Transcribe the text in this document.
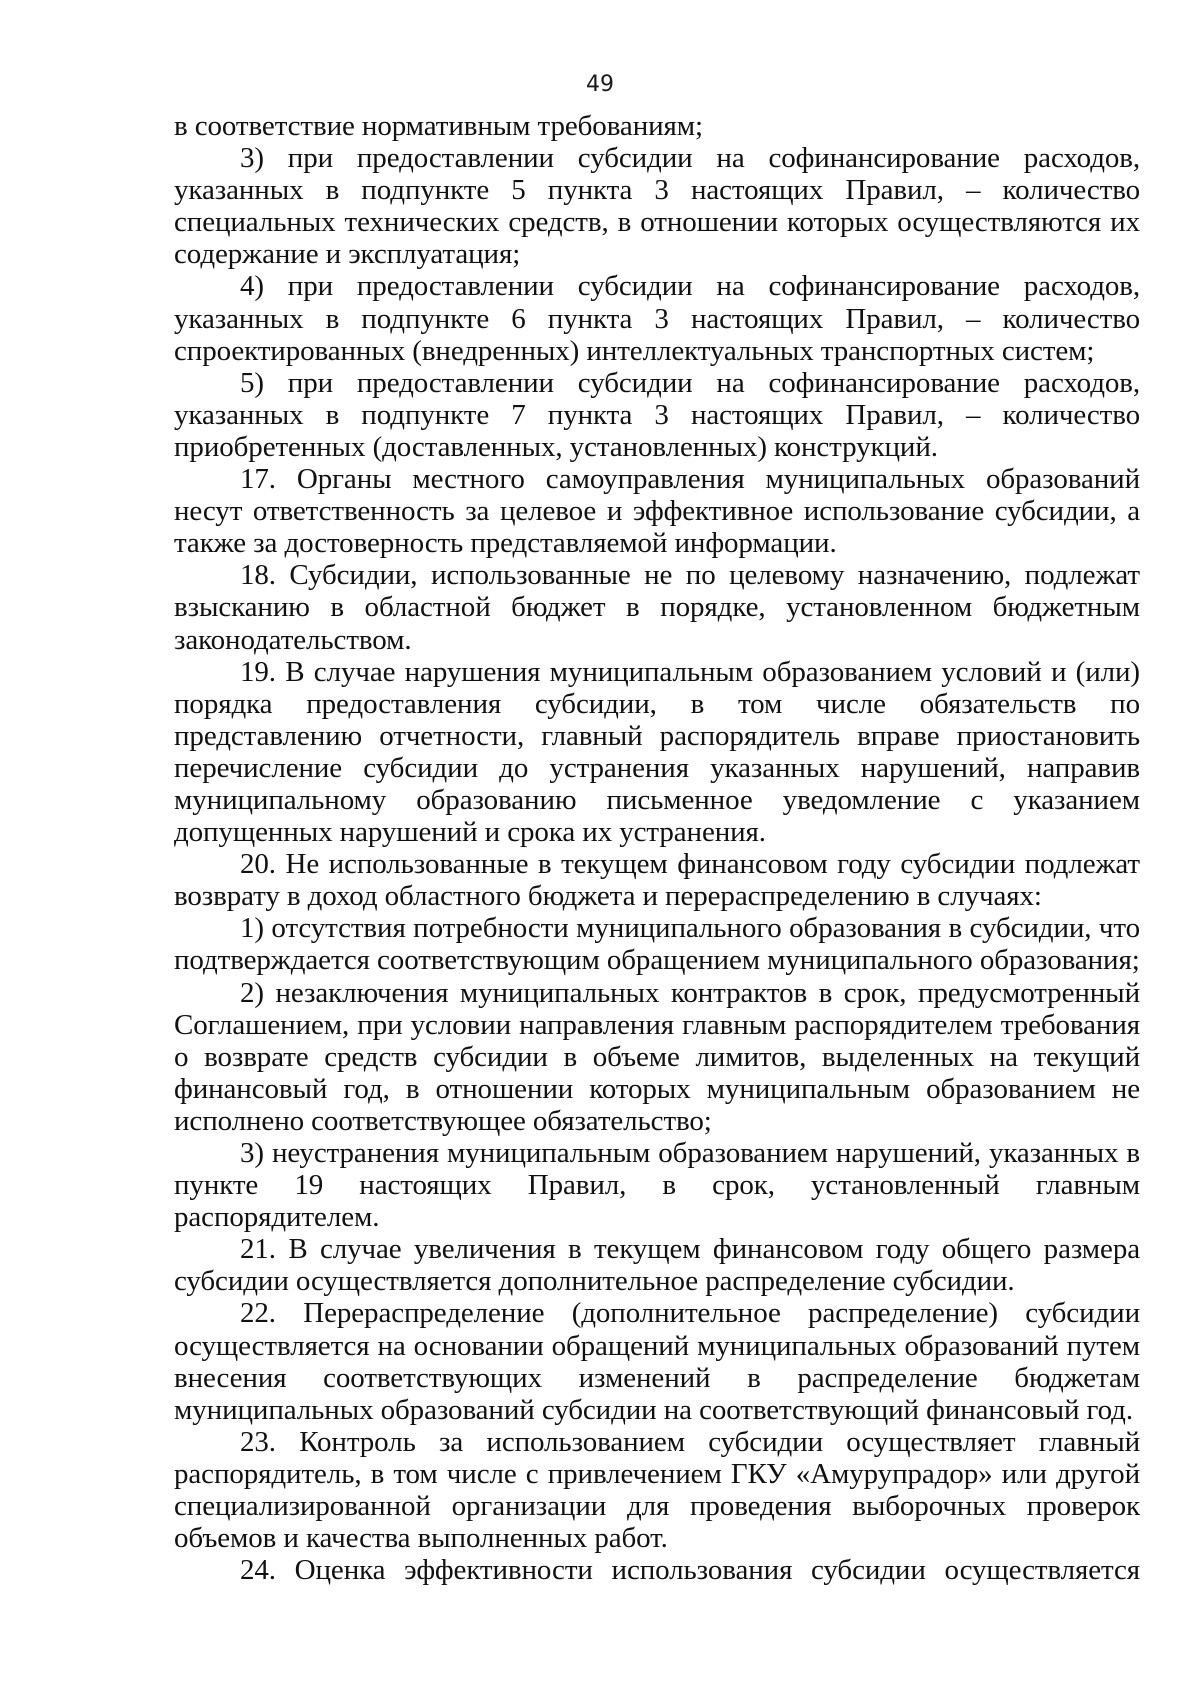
49

в соответствие нормативным требованиям;

3) при предоставлении субсидии на софинансирование расходов, указанных в подпункте 5 пункта 3 настоящих Правил, – количество специальных технических средств, в отношении которых осуществляются их содержание и эксплуатация;

4) при предоставлении субсидии на софинансирование расходов, указанных в подпункте 6 пункта 3 настоящих Правил, – количество спроектированных (внедренных) интеллектуальных транспортных систем;

5) при предоставлении субсидии на софинансирование расходов, указанных в подпункте 7 пункта 3 настоящих Правил, – количество приобретенных (доставленных, установленных) конструкций.

17. Органы местного самоуправления муниципальных образований несут ответственность за целевое и эффективное использование субсидии, а также за достоверность представляемой информации.

18. Субсидии, использованные не по целевому назначению, подлежат взысканию в областной бюджет в порядке, установленном бюджетным законодательством.

19. В случае нарушения муниципальным образованием условий и (или) порядка предоставления субсидии, в том числе обязательств по представлению отчетности, главный распорядитель вправе приостановить перечисление субсидии до устранения указанных нарушений, направив муниципальному образованию письменное уведомление с указанием допущенных нарушений и срока их устранения.

20. Не использованные в текущем финансовом году субсидии подлежат возврату в доход областного бюджета и перераспределению в случаях:

1) отсутствия потребности муниципального образования в субсидии, что подтверждается соответствующим обращением муниципального образования;

2) незаключения муниципальных контрактов в срок, предусмотренный Соглашением, при условии направления главным распорядителем требования о возврате средств субсидии в объеме лимитов, выделенных на текущий финансовый год, в отношении которых муниципальным образованием не исполнено соответствующее обязательство;

3) неустранения муниципальным образованием нарушений, указанных в пункте 19 настоящих Правил, в срок, установленный главным распорядителем.

21. В случае увеличения в текущем финансовом году общего размера субсидии осуществляется дополнительное распределение субсидии.

22. Перераспределение (дополнительное распределение) субсидии осуществляется на основании обращений муниципальных образований путем внесения соответствующих изменений в распределение бюджетам муниципальных образований субсидии на соответствующий финансовый год.

23. Контроль за использованием субсидии осуществляет главный распорядитель, в том числе с привлечением ГКУ «Амурупрадор» или другой специализированной организации для проведения выборочных проверок объемов и качества выполненных работ.

24. Оценка эффективности использования субсидии осуществляется
